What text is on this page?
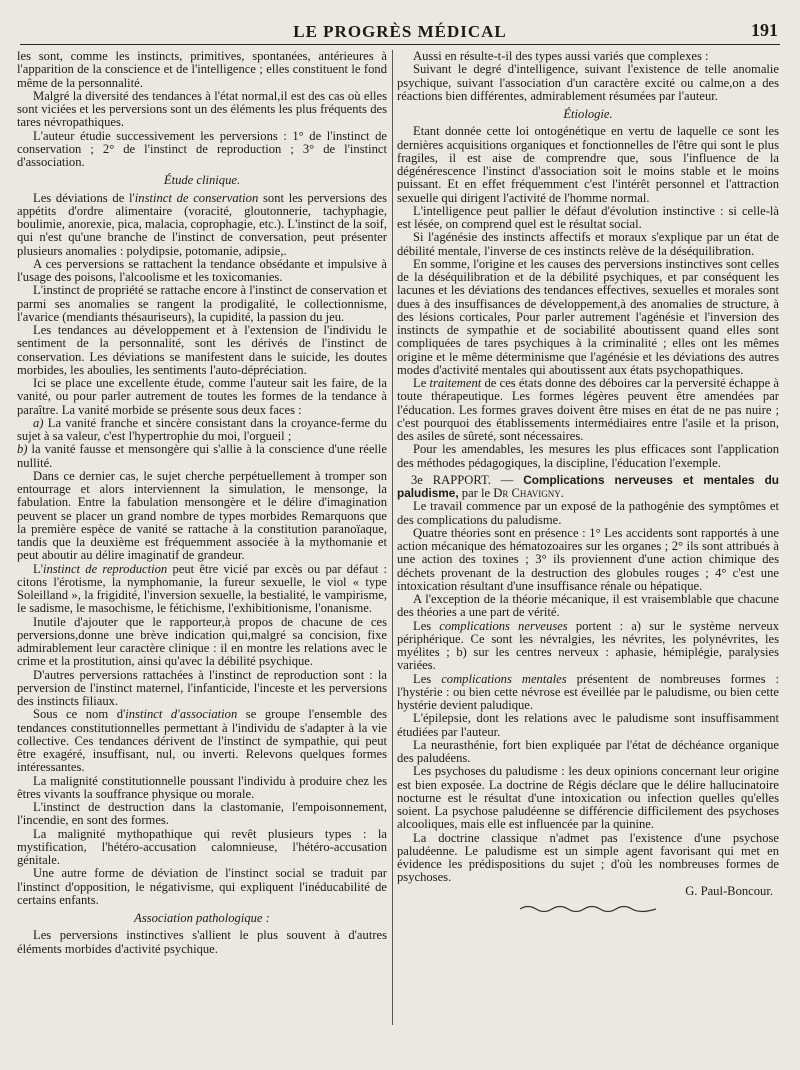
LE PROGRÈS MÉDICAL	191

les sont, comme les instincts, primitives, spontanées, antérieures à l'apparition de la conscience et de l'intelligence ; elles constituent le fond même de la personnalité.

Malgré la diversité des tendances à l'état normal,il est des cas où elles sont viciées et les perversions sont un des éléments les plus fréquents des tares névropathiques.

L'auteur étudie successivement les perversions : 1° de l'instinct de conservation ; 2° de l'instinct de reproduction ; 3° de l'instinct d'association.

Étude clinique.

Les déviations de l'instinct de conservation sont les perversions des appétits d'ordre alimentaire (voracité, gloutonnerie, tachyphagie, boulimie, anorexie, pica, malacia, coprophagie, etc.). L'instinct de la soif, qui n'est qu'une branche de l'instinct de conversation, peut présenter plusieurs anomalies : polydipsie, potomanie, adipsie,.

A ces perversions se rattachent la tendance obsédante et impulsive à l'usage des poisons, l'alcoolisme et les toxicomanies.

L'instinct de propriété se rattache encore à l'instinct de conservation et parmi ses anomalies se rangent la prodigalité, le collectionnisme, l'avarice (mendiants thésauriseurs), la cupidité, la passion du jeu.

Les tendances au développement et à l'extension de l'individu le sentiment de la personnalité, sont les dérivés de l'instinct de conservation. Les déviations se manifestent dans le suicide, les doutes morbides, les aboulies, les sentiments l'auto-dépréciation.

Ici se place une excellente étude, comme l'auteur sait les faire, de la vanité, ou pour parler autrement de toutes les formes de la tendance à paraître. La vanité morbide se présente sous deux faces :

a) La vanité franche et sincère consistant dans la croyance-ferme du sujet à sa valeur, c'est l'hypertrophie du moi, l'orgueil ;

b) la vanité fausse et mensongère qui s'allie à la conscience d'une réelle nullité.

Dans ce dernier cas, le sujet cherche perpétuellement à tromper son entourrage et alors interviennent la simulation, le mensonge, la fabulation. Entre la fabulation mensongère et le délire d'imagination peuvent se placer un grand nombre de types morbides Remarquons que la première espèce de vanité se rattache à la constitution paranoïaque, tandis que la deuxième est fréquemment associée à la mythomanie et peut aboutir au délire imaginatif de grandeur.

L'instinct de reproduction peut être vicié par excès ou par défaut : citons l'érotisme, la nymphomanie, la fureur sexuelle, le viol « type Soleilland », la frigidité, l'inversion sexuelle, la bestialité, le vampirisme, le sadisme, le masochisme, le fétichisme, l'exhibitionisme, l'onanisme.

Inutile d'ajouter que le rapporteur,à propos de chacune de ces perversions,donne une brève indication qui,malgré sa concision, fixe admirablement leur caractère clinique : il en montre les relations avec le crime et la prostitution, ainsi qu'avec la débilité psychique.

D'autres perversions rattachées à l'instinct de reproduction sont : la perversion de l'instinct maternel, l'infanticide, l'inceste et les perversions des instincts filiaux.

Sous ce nom d'instinct d'association se groupe l'ensemble des tendances constitutionnelles permettant à l'individu de s'adapter à la vie collective. Ces tendances dérivent de l'instinct de sympathie, qui peut être exagéré, insuffisant, nul, ou inverti. Relevons quelques formes intéressantes.

La malignité constitutionnelle poussant l'individu à produire chez les êtres vivants la souffrance physique ou morale.

L'instinct de destruction dans la clastomanie, l'empoisonnement, l'incendie, en sont des formes.

La malignité mythopathique qui revêt plusieurs types : la mystification, l'hétéro-accusation calomnieuse, l'hétéro-accusation génitale.

Une autre forme de déviation de l'instinct social se traduit par l'instinct d'opposition, le négativisme, qui expliquent l'inéducabilité de certains enfants.

Association pathologique :

Les perversions instinctives s'allient le plus souvent à d'autres éléments morbides d'activité psychique.

Aussi en résulte-t-il des types aussi variés que complexes :

Suivant le degré d'intelligence, suivant l'existence de telle anomalie psychique, suivant l'association d'un caractère excité ou calme,on a des réactions bien différentes, admirablement résumées par l'auteur.

Étiologie.

Etant donnée cette loi ontogénétique en vertu de laquelle ce sont les dernières acquisitions organiques et fonctionnelles de l'être qui sont le plus fragiles, il est aise de comprendre que, sous l'influence de la dégénérescence l'instinct d'association soit le moins stable et le moins puissant. Et en effet fréquemment c'est l'intérêt personnel et l'attraction sexuelle qui dirigent l'activité de l'homme normal.

L'intelligence peut pallier le défaut d'évolution instinctive : si celle-là est lésée, on comprend quel est le résultat social.

Si l'agénésie des instincts affectifs et moraux s'explique par un état de débilité mentale, l'inverse de ces instincts relève de la déséquilibration.

En somme, l'origine et les causes des perversions instinctives sont celles de la déséquilibration et de la débilité psychiques, et par conséquent les lacunes et les déviations des tendances effectives, sexuelles et morales sont dues à des insuffisances de développement,à des anomalies de structure, à des lésions corticales, Pour parler autrement l'agénésie et l'inversion des instincts de sympathie et de sociabilité aboutissent quand elles sont compliquées de tares psychiques à la criminalité ; elles ont les mêmes origine et le même déterminisme que l'agénésie et les déviations des autres modes d'activité mentales qui aboutissent aux états psychopathiques.

Le traitement de ces états donne des déboires car la perversité échappe à toute thérapeutique. Les formes légères peuvent être amendées par l'éducation. Les formes graves doivent être mises en état de ne pas nuire ; c'est pourquoi des établissements intermédiaires entre l'asile et la prison, des asiles de sûreté, sont nécessaires.

Pour les amendables, les mesures les plus efficaces sont l'application des méthodes pédagogiques, la discipline, l'éducation l'exemple.

3e RAPPORT. — Complications nerveuses et mentales du paludisme, par le Dr Chavigny.

Le travail commence par un exposé de la pathogénie des symptômes et des complications du paludisme.

Quatre théories sont en présence : 1° Les accidents sont rapportés à une action mécanique des hématozoaires sur les organes ; 2° ils sont attribués à une action des toxines ; 3° ils proviennent d'une action chimique des déchets provenant de la destruction des globules rouges ; 4° c'est une intoxication résultant d'une insuffisance rénale ou hépatique.

A l'exception de la théorie mécanique, il est vraisemblable que chacune des théories a une part de vérité.

Les complications nerveuses portent : a) sur le système nerveux périphérique. Ce sont les névralgies, les névrites, les polynévrites, les myélites ; b) sur les centres nerveux : aphasie, hémiplégie, paralysies variées.

Les complications mentales présentent de nombreuses formes : l'hystérie : ou bien cette névrose est éveillée par le paludisme, ou bien cette hystérie devient paludique.

L'épilepsie, dont les relations avec le paludisme sont insuffisamment étudiées par l'auteur.

La neurasthénie, fort bien expliquée par l'état de déchéance organique des paludéens.

Les psychoses du paludisme : les deux opinions concernant leur origine est bien exposée. La doctrine de Régis déclare que le délire hallucinatoire nocturne est le résultat d'une intoxication ou infection quelles qu'elles soient. La psychose paludéenne se différencie difficilement des psychoses alcooliques, mais elle est influencée par la quinine.

La doctrine classique n'admet pas l'existence d'une psychose paludéenne. Le paludisme est un simple agent favorisant qui met en évidence les prédispositions du sujet ; d'où les nombreuses formes de psychoses.

G. Paul-Boncour.
